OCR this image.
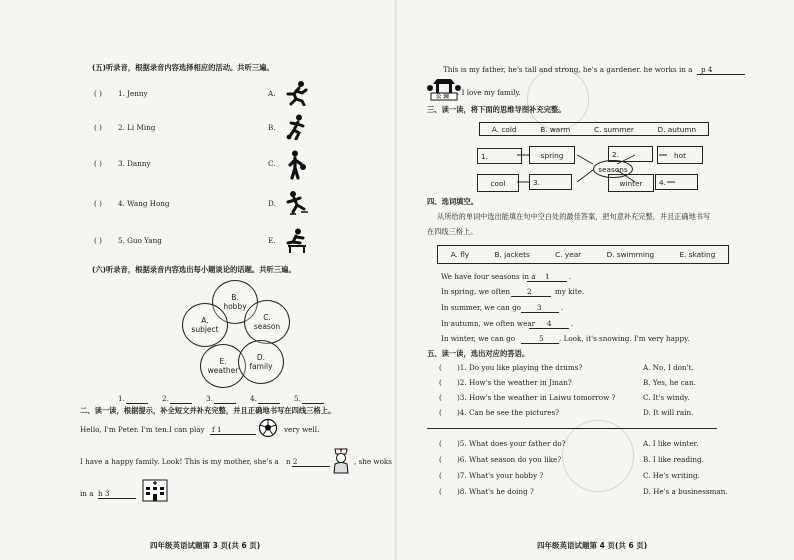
(五)听录音，根据录音内容选择相应的活动。共听三遍。
( ) 1. Jenny	A.
( ) 2. Li Ming	B.
( ) 3. Danny	C.
( ) 4. Wang Hong	D.
( ) 5. Guo Yang	E.
(六)听录音，根据录音内容选出每小题谈论的话题。共听三遍。
B.
hobby
A.
subject
C.
season
E.
weather
D.
family
1.	2.	3.	4.	5.
二、读一读，根据提示，补全短文并补充完整，并且正确地书写在四线三格上。
Hello, I'm Peter. I'm ten.I can play f 1	very well.
I have a happy family. Look! This is my mother, she's a n 2	, she woks
in a h 3
四年级英语试题第 3 页(共 6 页)
This is my father, he's tall and strong, he's a gardener. he works in a p 4
公 园 . I love my family.
三、读一读，将下面的思维导图补充完整。
A. cold	B. warm	C. summer	D. autumn
1.	spring	2.	hot
seasons
cool	3.	winter 4.
四、选词填空。
从所给的单词中选出能填在句中空白处的最佳答案，把句意补充完整，并且正确地书写
在四线三格上。
A. fly	B. jackets	C. year	D. swimming	E. skating
We have four seasons in a 1	.
In spring, we often 2	my kite.
In summer, we can go 3	.
In autumn, we often wear 4	.
In winter, we can go	5 . Look, it's snowing. I'm very happy.
五、读一读，选出对应的答语。
( )1. Do you like playing the drums?	A. No, I don't.
( )2. How's the weather in Jinan?	B. Yes, he can.
( )3. How's the weather in Laiwu tomorrow ?	C. It's windy.
( )4. Can he see the pictures?	D. It will rain.
( )5. What does your father do?	A. I like winter.
( )6. What season do you like?	B. I like reading.
( )7. What's your hobby ?	C. He's writing.
( )8. What's he doing ?	D. He's a businessman.
四年级英语试题第 4 页(共 6 页)
